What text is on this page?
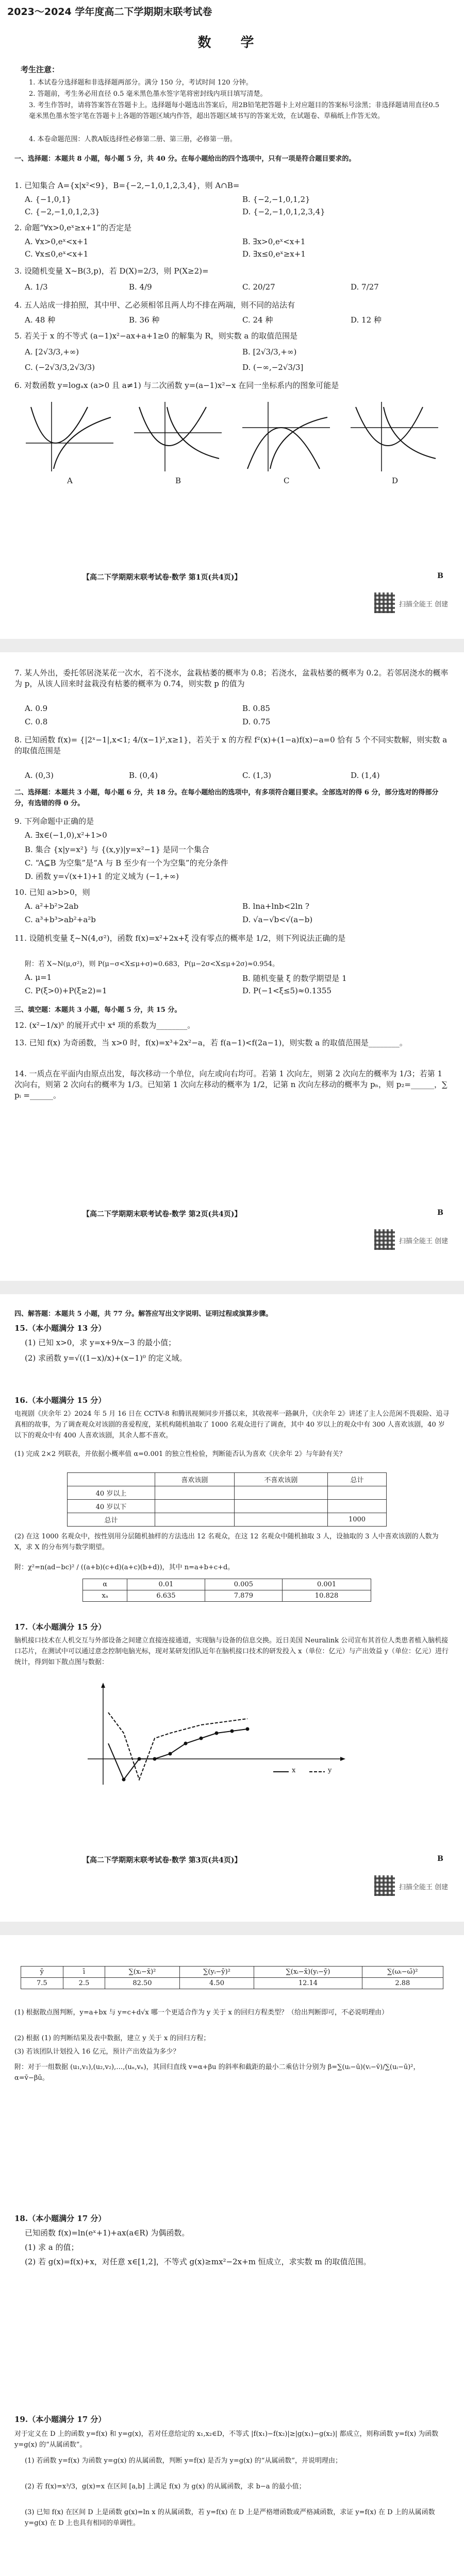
2023～2024 学年度高二下学期期末联考试卷
数 学
考生注意：
1. 本试卷分选择题和非选择题两部分。满分 150 分，考试时间 120 分钟。
2. 答题前，考生务必用直径 0.5 毫米黑色墨水签字笔将密封线内项目填写清楚。
3. 考生作答时，请将答案答在答题卡上。选择题每小题选出答案后，用2B铅笔把答题卡上对应题目的答案标号涂黑；非选择题请用直径0.5毫米黑色墨水签字笔在答题卡上各题的答题区域内作答，超出答题区域书写的答案无效，在试题卷、草稿纸上作答无效。
4. 本卷命题范围：人教A版选择性必修第二册、第三册，必修第一册。
一、选择题：本题共 8 小题，每小题 5 分，共 40 分。在每小题给出的四个选项中，只有一项是符合题目要求的。
1. 已知集合 A={x|x²<9}，B={−2,−1,0,1,2,3,4}，则 A∩B=
A. {−1,0,1}	B. {−2,−1,0,1,2}
C. {−2,−1,0,1,2,3}	D. {−2,−1,0,1,2,3,4}
2. 命题“∀x>0,eˣ≥x+1”的否定是
A. ∀x>0,eˣ<x+1	B. ∃x>0,eˣ<x+1
C. ∀x≤0,eˣ<x+1	D. ∃x≤0,eˣ≥x+1
3. 设随机变量 X~B(3,p)，若 D(X)=2/3，则 P(X≥2)=
A. 1/3	B. 4/9	C. 20/27	D. 7/27
4. 五人站成一排拍照，其中甲、乙必须相邻且两人均不排在两端，则不同的站法有
A. 48 种	B. 36 种	C. 24 种	D. 12 种
5. 若关于 x 的不等式 (a−1)x²−ax+a+1≥0 的解集为 R，则实数 a 的取值范围是
A. [2√3/3,+∞)	B. [2√3/3,+∞)
C. (−2√3/3,2√3/3)	D. (−∞,−2√3/3]
6. 对数函数 y=logₐx (a>0 且 a≠1) 与二次函数 y=(a−1)x²−x 在同一坐标系内的图象可能是
A	B	C	D
【高二下学期期末联考试卷·数学 第1页(共4页)】	B
扫描全能王 创建
7. 某人外出，委托邻居浇某花一次水，若不浇水，盆栽枯萎的概率为 0.8；若浇水，盆栽枯萎的概率为 0.2。若邻居浇水的概率为 p，从该人回来时盆栽没有枯萎的概率为 0.74，则实数 p 的值为
A. 0.9	B. 0.85
C. 0.8	D. 0.75
8. 已知函数 f(x)= {|2ˣ−1|,x<1; 4/(x−1)²,x≥1}，若关于 x 的方程 f²(x)+(1−a)f(x)−a=0 恰有 5 个不同实数解，则实数 a 的取值范围是
A. (0,3)	B. (0,4)	C. (1,3)	D. (1,4)
二、选择题：本题共 3 小题，每小题 6 分，共 18 分。在每小题给出的选项中，有多项符合题目要求。全部选对的得 6 分，部分选对的得部分分，有选错的得 0 分。
9. 下列命题中正确的是
A. ∃x∈(−1,0),x²+1>0
B. 集合 {x|y=x²} 与 {(x,y)|y=x²−1} 是同一个集合
C. “A⊆B 为空集”是“A 与 B 至少有一个为空集”的充分条件
D. 函数 y=√(x+1)+1 的定义域为 (−1,+∞)
10. 已知 a>b>0，则
A. a²+b²>2ab	B. lna+lnb<2ln ?
C. a³+b³>ab²+a²b	D. √a−√b<√(a−b)
11. 设随机变量 ξ~N(4,σ²)，函数 f(x)=x²+2x+ξ 没有零点的概率是 1/2，则下列说法正确的是
附：若 X~N(μ,σ²)，则 P(μ−σ<X≤μ+σ)≈0.683，P(μ−2σ<X≤μ+2σ)≈0.954。
A. μ=1	B. 随机变量 ξ 的数学期望是 1
C. P(ξ>0)+P(ξ≥2)=1	D. P(−1<ξ≤5)≈0.1355
三、填空题：本题共 3 小题，每小题 5 分，共 15 分。
12. (x²−1/x)⁵ 的展开式中 x⁴ 项的系数为________。
13. 已知 f(x) 为奇函数，当 x>0 时，f(x)=x³+2x²−a，若 f(a−1)<f(2a−1)，则实数 a 的取值范围是________。
14. 一质点在平面内由原点出发，每次移动一个单位，向左或向右均可。若第 1 次向左，则第 2 次向左的概率为 1/3；若第 1 次向右，则第 2 次向右的概率为 1/3。已知第 1 次向左移动的概率为 1/2，记第 n 次向左移动的概率为 pₙ，则 p₂=______，∑ pᵢ =______。
【高二下学期期末联考试卷·数学 第2页(共4页)】	B
扫描全能王 创建
四、解答题：本题共 5 小题，共 77 分。解答应写出文字说明、证明过程或演算步骤。
15.（本小题满分 13 分）
(1) 已知 x>0，求 y=x+9/x−3 的最小值；
(2) 求函数 y=√((1−x)/x)+(x−1)⁰ 的定义域。
16.（本小题满分 15 分）
电视剧《庆余年 2》2024 年 5 月 16 日在 CCTV-8 和腾讯视频同步开播以来，其收视率一路飙升，《庆余年 2》讲述了主人公范闲不畏艰险、追寻真相的故事，为了调查观众对该剧的喜爱程度，某机构随机抽取了 1000 名观众进行了调查，其中 40 岁以上的观众中有 300 人喜欢该剧，40 岁以下的观众中有 400 人喜欢该剧，其余人都不喜欢。
(1) 完成 2×2 列联表，并依据小概率值 α=0.001 的独立性检验，判断能否认为喜欢《庆余年 2》与年龄有关？
	喜欢该剧	不喜欢该剧	总计
40 岁以上			
40 岁以下			
总计			1000
(2) 在这 1000 名观众中，按性别用分层随机抽样的方法选出 12 名观众，在这 12 名观众中随机抽取 3 人，设抽取的 3 人中喜欢该剧的人数为 X，求 X 的分布列与数学期望。
附：χ²=n(ad−bc)² / ((a+b)(c+d)(a+c)(b+d))，其中 n=a+b+c+d。
α	0.01	0.005	0.001
xₐ	6.635	7.879	10.828
17.（本小题满分 15 分）
脑机接口技术在人机交互与外部设备之间建立直接连接通道，实现脑与设备的信息交换。近日美国 Neuralink 公司宣布其首位人类患者植入脑机接口芯片，在测试中可以通过意念控制电脑光标，现对某研发团队近年在脑机接口技术的研发投入 x（单位：亿元）与产出效益 y（单位：亿元）进行统计，得到如下散点图与数据：
x	y
【高二下学期期末联考试卷·数学 第3页(共4页)】	B
扫描全能王 创建
ȳ	ī	∑(xᵢ−x̄)²	∑(yᵢ−ȳ)²	∑(xᵢ−x̄)(yᵢ−ȳ)	∑(ωᵢ−ω̄)²
7.5	2.5	82.50	4.50	12.14	2.88
(1) 根据散点图判断，y=a+bx 与 y=c+d√x 哪一个更适合作为 y 关于 x 的回归方程类型？（给出判断即可，不必说明理由）
(2) 根据 (1) 的判断结果及表中数据，建立 y 关于 x 的回归方程；
(3) 若该团队计划投入 16 亿元，预计产出效益为多少？
附：对于一组数据 (u₁,v₁),(u₂,v₂),…,(uₙ,vₙ)，其回归直线 v=α+βu 的斜率和截距的最小二乘估计分别为 β=∑(uᵢ−ū)(vᵢ−v̄)/∑(uᵢ−ū)²，α=v̄−βū。
18.（本小题满分 17 分）
已知函数 f(x)=ln(eˣ+1)+ax(a∈R) 为偶函数。
(1) 求 a 的值；
(2) 若 g(x)=f(x)+x，对任意 x∈[1,2]，不等式 g(x)≥mx²−2x+m 恒成立，求实数 m 的取值范围。
19.（本小题满分 17 分）
对于定义在 D 上的函数 y=f(x) 和 y=g(x)，若对任意给定的 x₁,x₂∈D，不等式 |f(x₁)−f(x₂)|≥|g(x₁)−g(x₂)| 都成立，则称函数 y=f(x) 为函数 y=g(x) 的“从属函数”。
(1) 若函数 y=f(x) 为函数 y=g(x) 的从属函数，判断 y=f(x) 是否为 y=g(x) 的“从属函数”，并说明理由；
(2) 若 f(x)=x³/3，g(x)=x 在区间 [a,b] 上满足 f(x) 为 g(x) 的从属函数，求 b−a 的最小值；
(3) 已知 f(x) 在区间 D 上是函数 g(x)=ln x 的从属函数，若 y=f(x) 在 D 上是严格增函数或严格减函数，求证 y=f(x) 在 D 上的从属函数 y=g(x) 在 D 上也具有相同的单调性。
